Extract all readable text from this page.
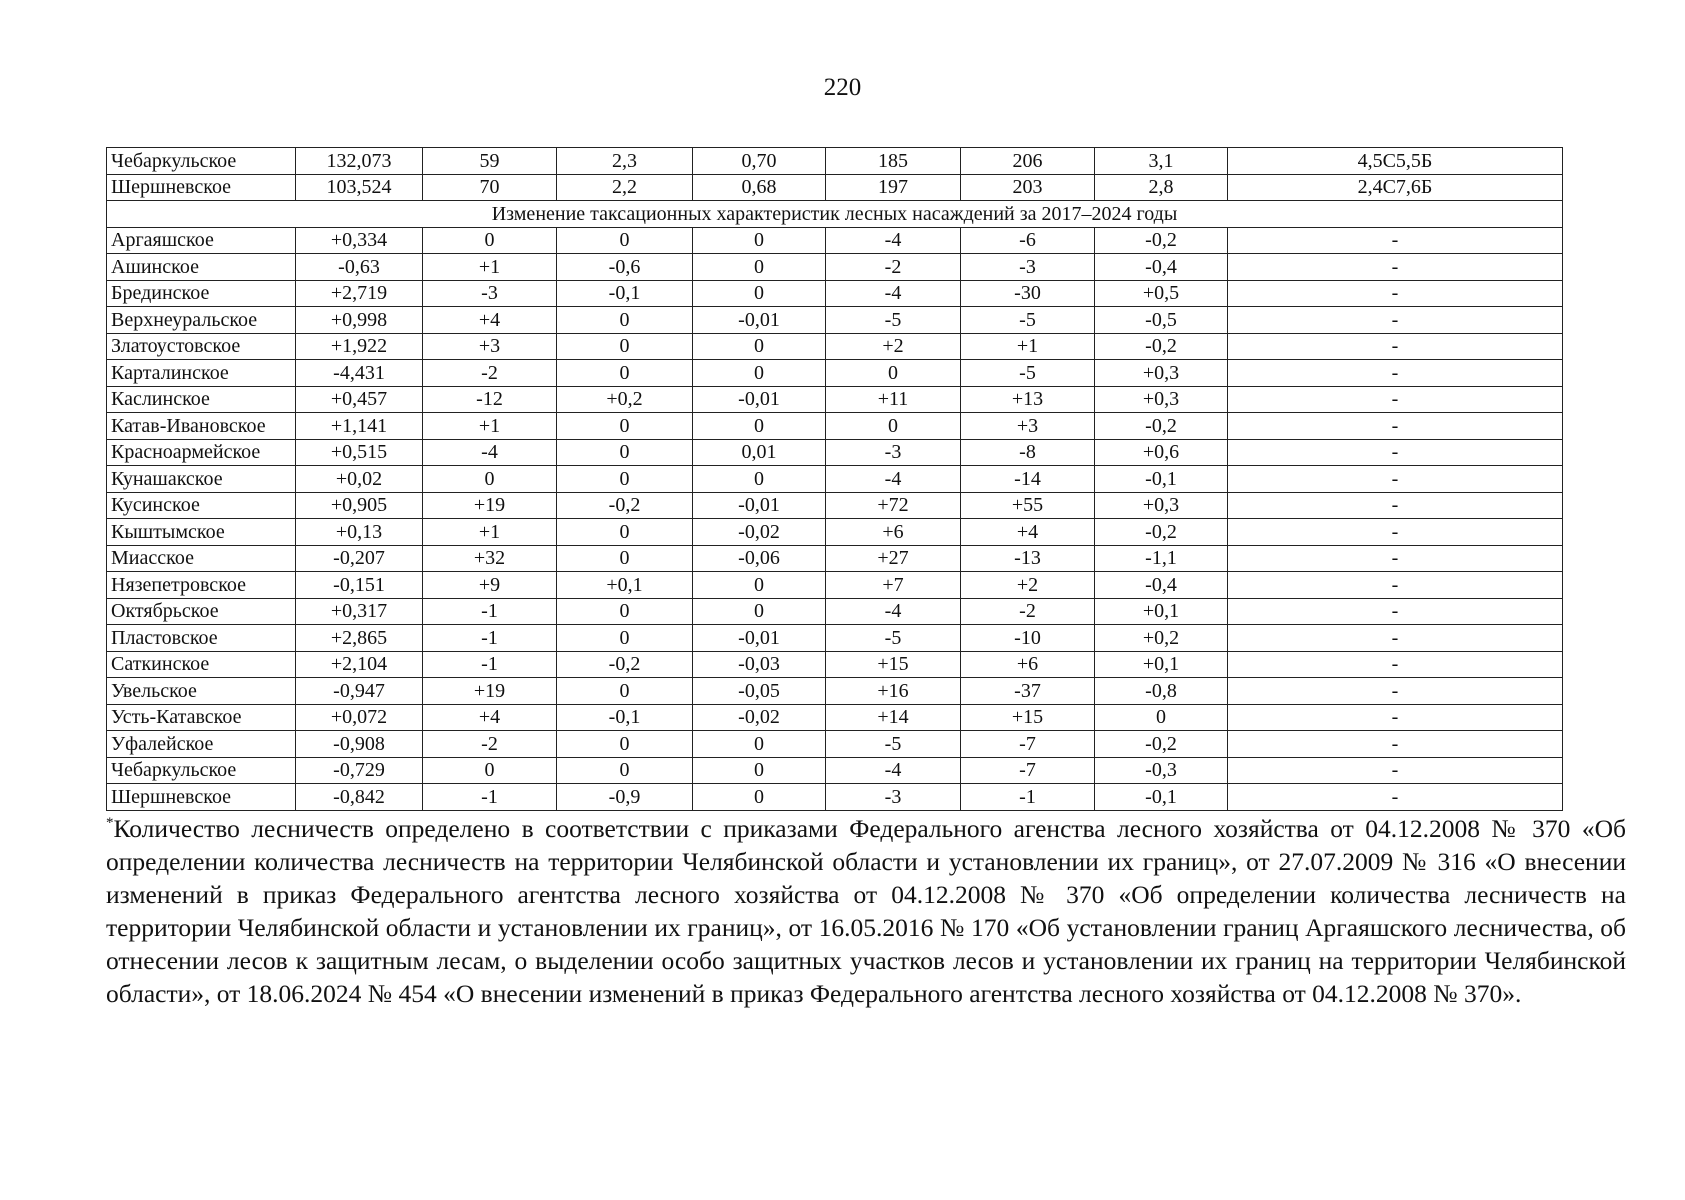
220
Чебаркульское	132,073	59	2,3	0,70	185	206	3,1	4,5С5,5Б
Шершневское	103,524	70	2,2	0,68	197	203	2,8	2,4С7,6Б
Изменение таксационных характеристик лесных насаждений за 2017–2024 годы								
Аргаяшское	+0,334	0	0	0	-4	-6	-0,2	-
Ашинское	-0,63	+1	-0,6	0	-2	-3	-0,4	-
Брединское	+2,719	-3	-0,1	0	-4	-30	+0,5	-
Верхнеуральское	+0,998	+4	0	-0,01	-5	-5	-0,5	-
Златоустовское	+1,922	+3	0	0	+2	+1	-0,2	-
Карталинское	-4,431	-2	0	0	0	-5	+0,3	-
Каслинское	+0,457	-12	+0,2	-0,01	+11	+13	+0,3	-
Катав-Ивановское	+1,141	+1	0	0	0	+3	-0,2	-
Красноармейское	+0,515	-4	0	0,01	-3	-8	+0,6	-
Кунашакское	+0,02	0	0	0	-4	-14	-0,1	-
Кусинское	+0,905	+19	-0,2	-0,01	+72	+55	+0,3	-
Кыштымское	+0,13	+1	0	-0,02	+6	+4	-0,2	-
Миасское	-0,207	+32	0	-0,06	+27	-13	-1,1	-
Нязепетровское	-0,151	+9	+0,1	0	+7	+2	-0,4	-
Октябрьское	+0,317	-1	0	0	-4	-2	+0,1	-
Пластовское	+2,865	-1	0	-0,01	-5	-10	+0,2	-
Саткинское	+2,104	-1	-0,2	-0,03	+15	+6	+0,1	-
Увельское	-0,947	+19	0	-0,05	+16	-37	-0,8	-
Усть-Катавское	+0,072	+4	-0,1	-0,02	+14	+15	0	-
Уфалейское	-0,908	-2	0	0	-5	-7	-0,2	-
Чебаркульское	-0,729	0	0	0	-4	-7	-0,3	-
Шершневское	-0,842	-1	-0,9	0	-3	-1	-0,1	-
*Количество лесничеств определено в соответствии с приказами Федерального агенства лесного хозяйства от 04.12.2008 № 370 «Об определении количества лесничеств на территории Челябинской области и установлении их границ», от 27.07.2009 № 316 «О внесении изменений в приказ Федерального агентства лесного хозяйства от 04.12.2008 № 370 «Об определении количества лесничеств на территории Челябинской области и установлении их границ», от 16.05.2016 № 170 «Об установлении границ Аргаяшского лесничества, об отнесении лесов к защитным лесам, о выделении особо защитных участков лесов и установлении их границ на территории Челябинской области», от 18.06.2024 № 454 «О внесении изменений в приказ Федерального агентства лесного хозяйства от 04.12.2008 № 370».
